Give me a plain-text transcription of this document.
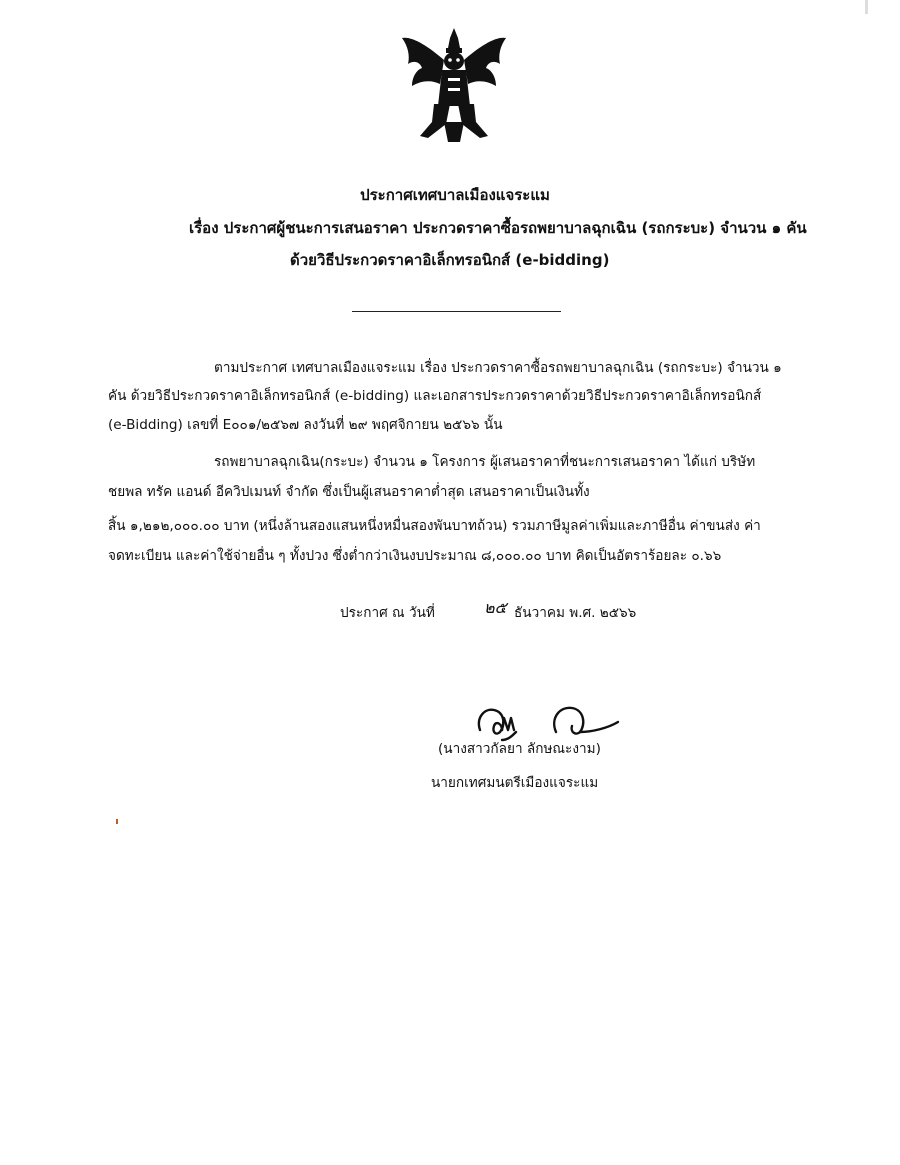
ประกาศเทศบาลเมืองแจระแม
เรื่อง ประกาศผู้ชนะการเสนอราคา ประกวดราคาซื้อรถพยาบาลฉุกเฉิน (รถกระบะ) จำนวน ๑ คัน
ด้วยวิธีประกวดราคาอิเล็กทรอนิกส์ (e-bidding)
ตามประกาศ เทศบาลเมืองแจระแม เรื่อง ประกวดราคาซื้อรถพยาบาลฉุกเฉิน (รถกระบะ) จำนวน ๑
คัน ด้วยวิธีประกวดราคาอิเล็กทรอนิกส์ (e-bidding) และเอกสารประกวดราคาด้วยวิธีประกวดราคาอิเล็กทรอนิกส์
(e-Bidding) เลขที่ E๐๐๑/๒๕๖๗ ลงวันที่ ๒๙ พฤศจิกายน ๒๕๖๖ นั้น
รถพยาบาลฉุกเฉิน(กระบะ) จำนวน ๑ โครงการ ผู้เสนอราคาที่ชนะการเสนอราคา ได้แก่ บริษัท
ชยพล ทรัค แอนด์ อีควิปเมนท์ จำกัด ซึ่งเป็นผู้เสนอราคาต่ำสุด เสนอราคาเป็นเงินทั้ง
สิ้น ๑,๒๑๒,๐๐๐.๐๐ บาท (หนึ่งล้านสองแสนหนึ่งหมื่นสองพันบาทถ้วน) รวมภาษีมูลค่าเพิ่มและภาษีอื่น ค่าขนส่ง ค่า
จดทะเบียน และค่าใช้จ่ายอื่น ๆ ทั้งปวง ซึ่งต่ำกว่าเงินงบประมาณ ๘,๐๐๐.๐๐ บาท คิดเป็นอัตราร้อยละ ๐.๖๖
ประกาศ ณ วันที่	๒๕ ธันวาคม พ.ศ. ๒๕๖๖
(นางสาวกัลยา ลักษณะงาม)
นายกเทศมนตรีเมืองแจระแม
